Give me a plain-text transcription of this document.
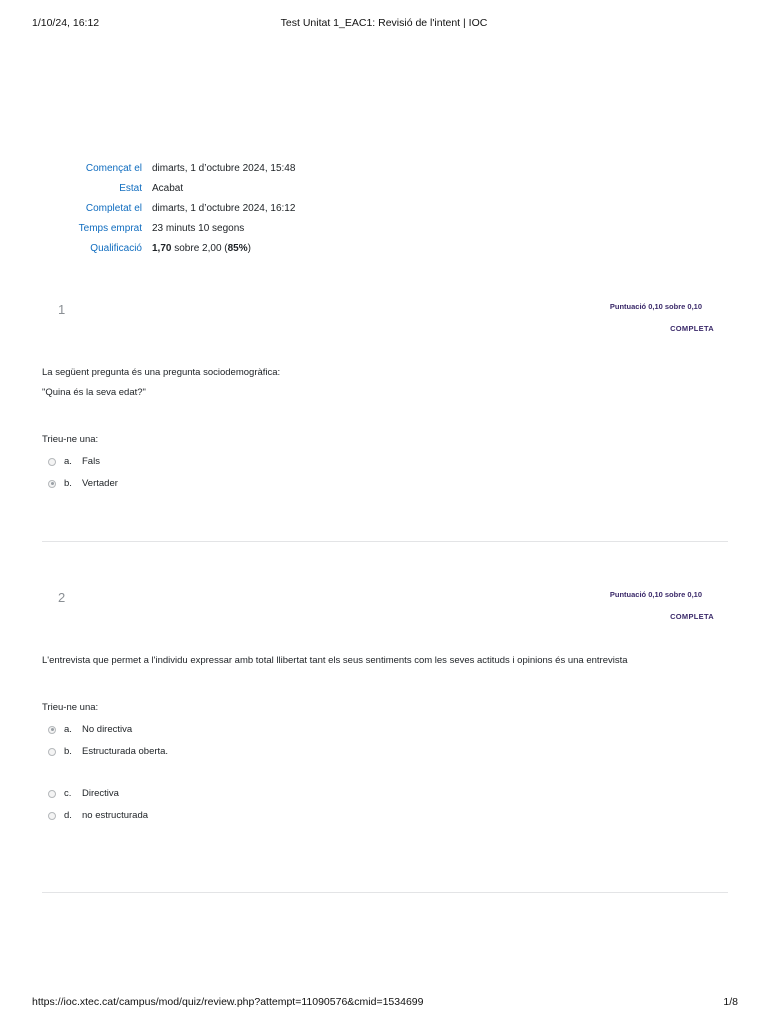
1/10/24, 16:12	Test Unitat 1_EAC1: Revisió de l'intent | IOC
Començat el	dimarts, 1 d’octubre 2024, 15:48
Estat	Acabat
Completat el	dimarts, 1 d’octubre 2024, 16:12
Temps emprat	23 minuts 10 segons
Qualificació	1,70 sobre 2,00 (85%)
1	Puntuació 0,10 sobre 0,10
COMPLETA
La següent pregunta és una pregunta sociodemogràfica:
"Quina és la seva edat?"
Trieu-ne una:
a.	Fals
b.	Vertader
2	Puntuació 0,10 sobre 0,10
COMPLETA
L'entrevista que permet a l'individu expressar amb total llibertat tant els seus sentiments com les seves actituds i opinions és una entrevista
Trieu-ne una:
a.	No directiva
b.	Estructurada oberta.
c.	Directiva
d.	no estructurada
https://ioc.xtec.cat/campus/mod/quiz/review.php?attempt=11090576&cmid=1534699	1/8
